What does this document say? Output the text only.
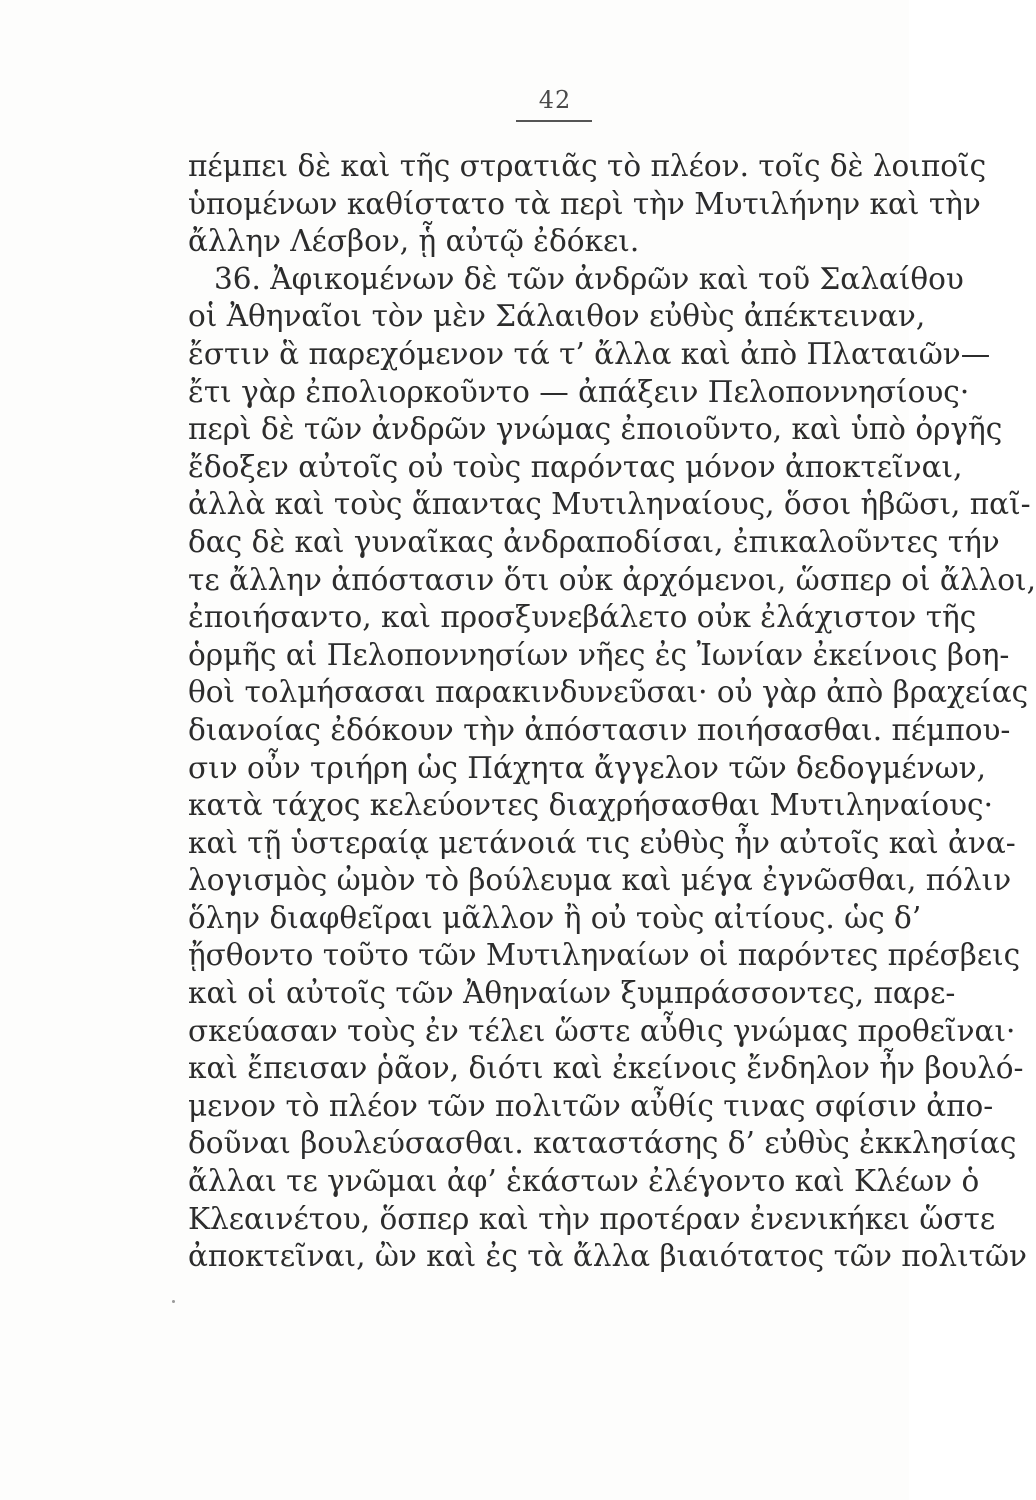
42
πέμπει δὲ καὶ τῆς στρατιᾶς τὸ πλέον. τοῖς δὲ λοιποῖς
ὑπομένων καθίστατο τὰ περὶ τὴν Μυτιλήνην καὶ τὴν
ἄλλην Λέσβον, ᾗ αὐτῷ ἐδόκει.
36. Ἀφικομένων δὲ τῶν ἀνδρῶν καὶ τοῦ Σαλαίθου
οἱ Ἀθηναῖοι τὸν μὲν Σάλαιθον εὐθὺς ἀπέκτειναν,
ἔστιν ἃ παρεχόμενον τά τ’ ἄλλα καὶ ἀπὸ Πλαταιῶν—
ἔτι γὰρ ἐπολιορκοῦντο — ἀπάξειν Πελοποννησίους·
περὶ δὲ τῶν ἀνδρῶν γνώμας ἐποιοῦντο, καὶ ὑπὸ ὀργῆς
ἔδοξεν αὐτοῖς οὐ τοὺς παρόντας μόνον ἀποκτεῖναι,
ἀλλὰ καὶ τοὺς ἅπαντας Μυτιληναίους, ὅσοι ἡβῶσι, παῖ-
δας δὲ καὶ γυναῖκας ἀνδραποδίσαι, ἐπικαλοῦντες τήν
τε ἄλλην ἀπόστασιν ὅτι οὐκ ἀρχόμενοι, ὥσπερ οἱ ἄλλοι,
ἐποιήσαντο, καὶ προσξυνεβάλετο οὐκ ἐλάχιστον τῆς
ὁρμῆς αἱ Πελοποννησίων νῆες ἐς Ἰωνίαν ἐκείνοις βοη-
θοὶ τολμήσασαι παρακινδυνεῦσαι· οὐ γὰρ ἀπὸ βραχείας
διανοίας ἐδόκουν τὴν ἀπόστασιν ποιήσασθαι. πέμπου-
σιν οὖν τριήρη ὡς Πάχητα ἄγγελον τῶν δεδογμένων,
κατὰ τάχος κελεύοντες διαχρήσασθαι Μυτιληναίους·
καὶ τῇ ὑστεραίᾳ μετάνοιά τις εὐθὺς ἦν αὐτοῖς καὶ ἀνα-
λογισμὸς ὠμὸν τὸ βούλευμα καὶ μέγα ἐγνῶσθαι, πόλιν
ὅλην διαφθεῖραι μᾶλλον ἢ οὐ τοὺς αἰτίους. ὡς δ’
ᾔσθοντο τοῦτο τῶν Μυτιληναίων οἱ παρόντες πρέσβεις
καὶ οἱ αὐτοῖς τῶν Ἀθηναίων ξυμπράσσοντες, παρε-
σκεύασαν τοὺς ἐν τέλει ὥστε αὖθις γνώμας προθεῖναι·
καὶ ἔπεισαν ῥᾶον, διότι καὶ ἐκείνοις ἔνδηλον ἦν βουλό-
μενον τὸ πλέον τῶν πολιτῶν αὖθίς τινας σφίσιν ἀπο-
δοῦναι βουλεύσασθαι. καταστάσης δ’ εὐθὺς ἐκκλησίας
ἄλλαι τε γνῶμαι ἀφ’ ἑκάστων ἐλέγοντο καὶ Κλέων ὁ
Κλεαινέτου, ὅσπερ καὶ τὴν προτέραν ἐνενικήκει ὥστε
ἀποκτεῖναι, ὢν καὶ ἐς τὰ ἄλλα βιαιότατος τῶν πολιτῶν
